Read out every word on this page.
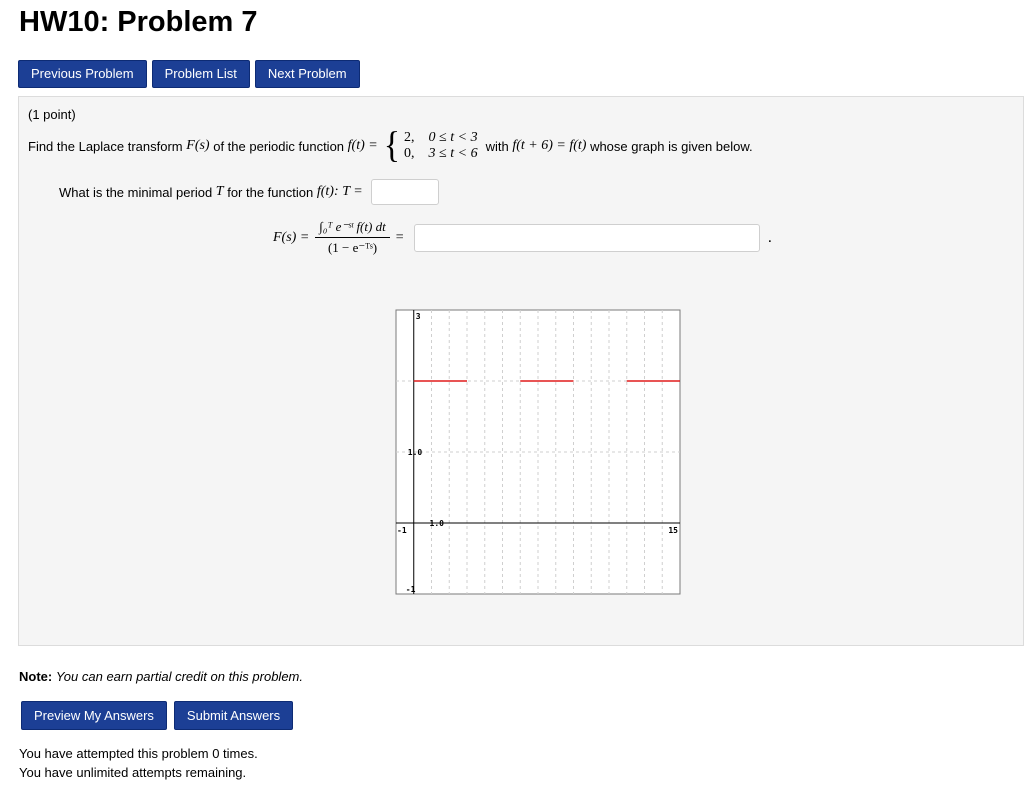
HW10: Problem 7
Previous Problem	Problem List	Next Problem
(1 point)
Find the Laplace transform
F(s)
of the periodic function
f(t) = { 2, 0 ≤ t < 3
0, 3 ≤ t < 6 with
f(t + 6) = f(t)
whose graph is given below.
What is the minimal period
T
for the function
f(t):
T =
$F(s) = \frac{\text{∫₀ᵀ e⁻ˢᵗ f(t) dt}}{\text{(1 − e⁻ᵀˢ)}}$ =	.
3
1.0
-1
-1
1.0
15
Note: You can earn partial credit on this problem.
Preview My Answers	Submit Answers
You have attempted this problem 0 times.
You have unlimited attempts remaining.
